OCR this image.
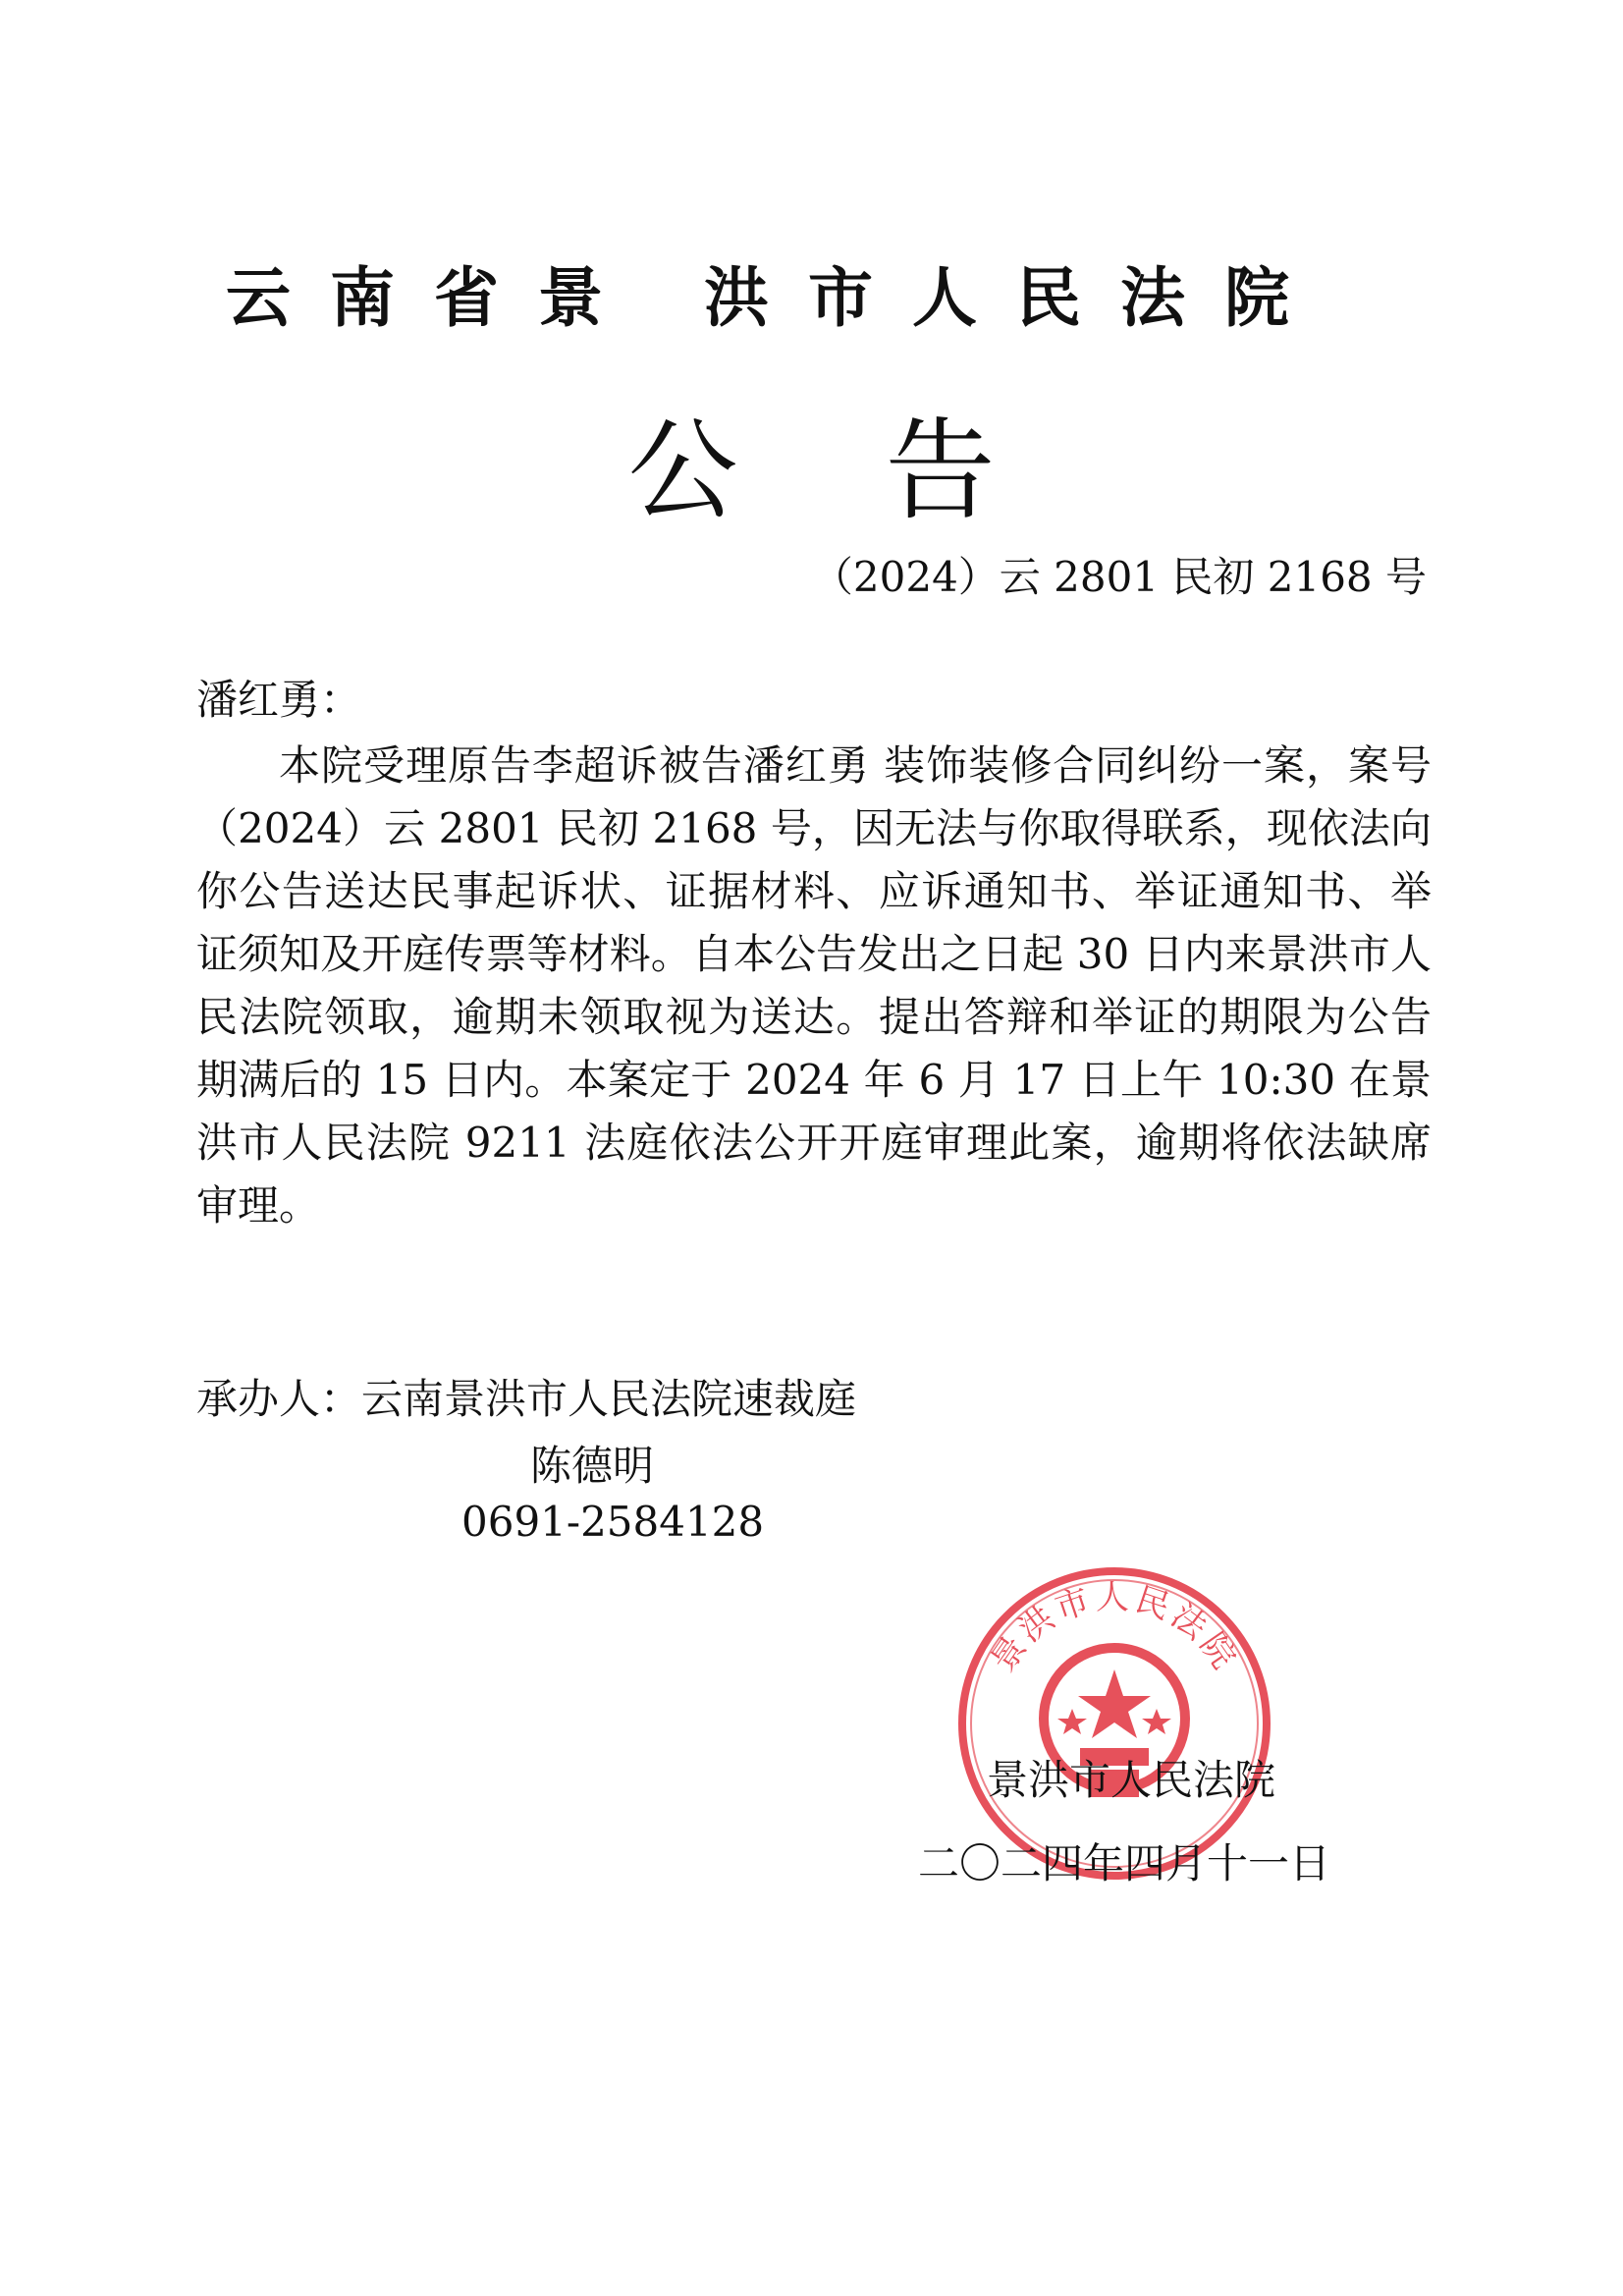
云南省景 洪市人民法院
公告
（2024）云 2801 民初 2168 号
潘红勇：
本院受理原告李超诉被告潘红勇 装饰装修合同纠纷一案，案号（2024）云 2801 民初 2168 号，因无法与你取得联系，现依法向你公告送达民事起诉状、证据材料、应诉通知书、举证通知书、举证须知及开庭传票等材料。自本公告发出之日起 30 日内来景洪市人民法院领取，逾期未领取视为送达。提出答辩和举证的期限为公告期满后的 15 日内。本案定于 2024 年 6 月 17 日上午 10:30 在景洪市人民法院 9211 法庭依法公开开庭审理此案，逾期将依法缺席审理。
承办人：云南景洪市人民法院速裁庭
陈德明
0691-2584128
景洪市人民法院
景洪市人民法院
二〇二四年四月十一日
